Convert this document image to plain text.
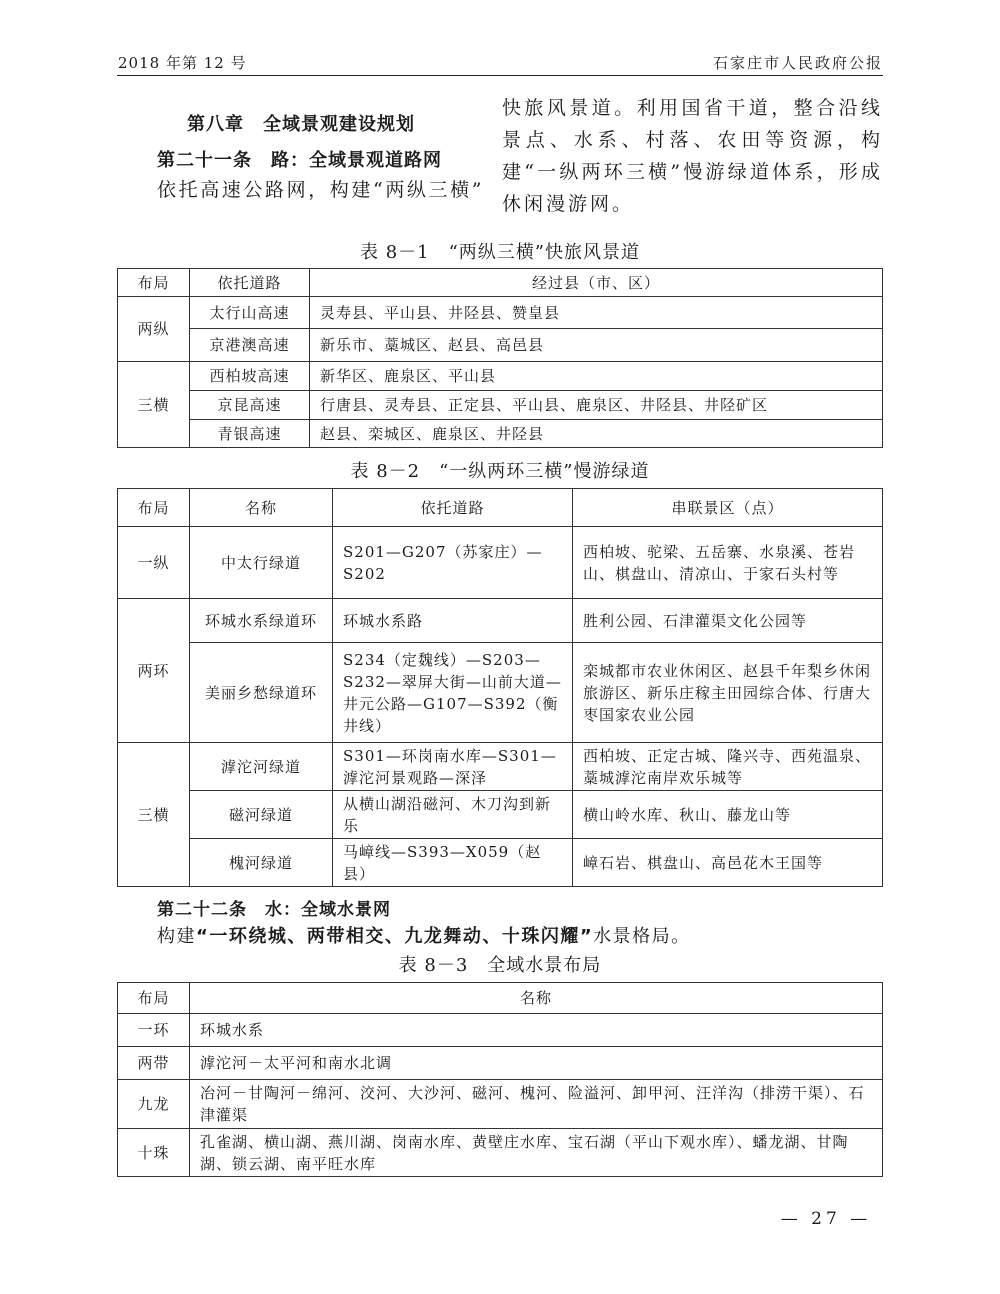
2018 年第 12 号	石家庄市人民政府公报
第八章　全域景观建设规划
第二十一条　路：全域景观道路网
依托高速公路网，构建“两纵三横”
快旅风景道。利用国省干道，整合沿线景点、水系、村落、农田等资源，构建“一纵两环三横”慢游绿道体系，形成休闲漫游网。
表 8－1　“两纵三横”快旅风景道
布局	依托道路	经过县（市、区）
两纵	太行山高速	灵寿县、平山县、井陉县、赞皇县
	京港澳高速	新乐市、藁城区、赵县、高邑县
三横	西柏坡高速	新华区、鹿泉区、平山县
	京昆高速	行唐县、灵寿县、正定县、平山县、鹿泉区、井陉县、井陉矿区
	青银高速	赵县、栾城区、鹿泉区、井陉县
表 8－2　“一纵两环三横”慢游绿道
布局	名称	依托道路	串联景区（点）
一纵	中太行绿道	S201—G207（苏家庄）—S202	西柏坡、驼梁、五岳寨、水泉溪、苍岩山、棋盘山、清凉山、于家石头村等
两环	环城水系绿道环	环城水系路	胜利公园、石津灌渠文化公园等
	美丽乡愁绿道环	S234（定魏线）—S203—S232—翠屏大街—山前大道—井元公路—G107—S392（衡井线）	栾城都市农业休闲区、赵县千年梨乡休闲旅游区、新乐庄稼主田园综合体、行唐大枣国家农业公园
三横	滹沱河绿道	S301—环岗南水库—S301—滹沱河景观路—深泽	西柏坡、正定古城、隆兴寺、西苑温泉、藁城滹沱南岸欢乐城等
	磁河绿道	从横山湖沿磁河、木刀沟到新乐	横山岭水库、秋山、藤龙山等
	槐河绿道	马嶂线—S393—X059（赵县）	嶂石岩、棋盘山、高邑花木王国等
第二十二条　水：全域水景网
构建“一环绕城、两带相交、九龙舞动、十珠闪耀”水景格局。
表 8－3　全域水景布局
布局	名称
一环	环城水系
两带	滹沱河－太平河和南水北调
九龙	冶河－甘陶河－绵河、洨河、大沙河、磁河、槐河、险溢河、卸甲河、汪洋沟（排涝干渠）、石津灌渠
十珠	孔雀湖、横山湖、燕川湖、岗南水库、黄壁庄水库、宝石湖（平山下观水库）、蟠龙湖、甘陶湖、锁云湖、南平旺水库
— 27 —
